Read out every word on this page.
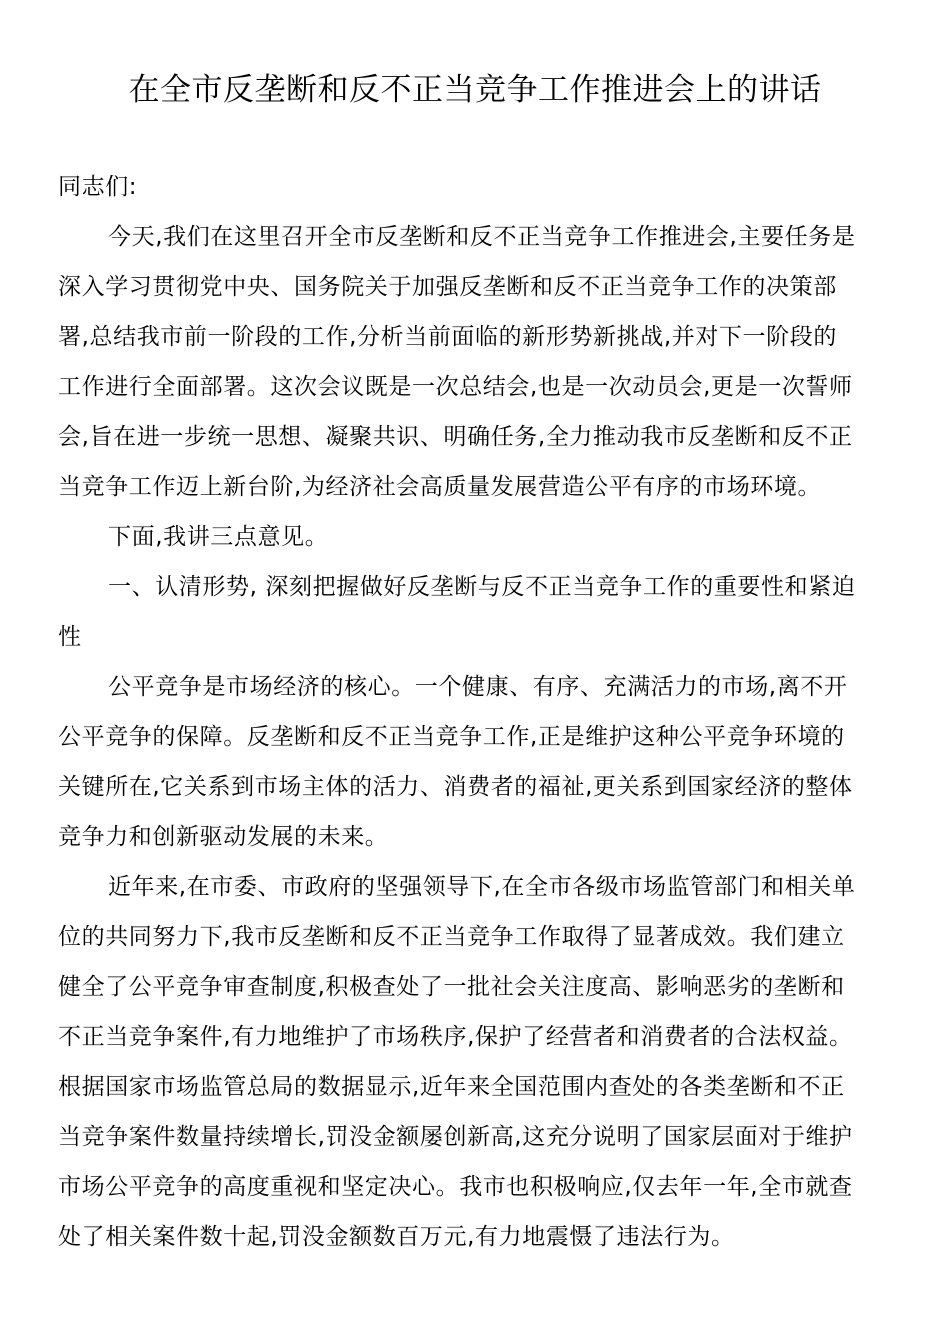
在全市反垄断和反不正当竞争工作推进会上的讲话
同志们:
今天,我们在这里召开全市反垄断和反不正当竞争工作推进会,主要任务是
深入学习贯彻党中央、国务院关于加强反垄断和反不正当竞争工作的决策部
署,总结我市前一阶段的工作,分析当前面临的新形势新挑战,并对下一阶段的
工作进行全面部署。这次会议既是一次总结会,也是一次动员会,更是一次誓师
会,旨在进一步统一思想、凝聚共识、明确任务,全力推动我市反垄断和反不正
当竞争工作迈上新台阶,为经济社会高质量发展营造公平有序的市场环境。
下面,我讲三点意见。
一、认清形势, 深刻把握做好反垄断与反不正当竞争工作的重要性和紧迫
性
公平竞争是市场经济的核心。一个健康、有序、充满活力的市场,离不开
公平竞争的保障。反垄断和反不正当竞争工作,正是维护这种公平竞争环境的
关键所在,它关系到市场主体的活力、消费者的福祉,更关系到国家经济的整体
竞争力和创新驱动发展的未来。
近年来,在市委、市政府的坚强领导下,在全市各级市场监管部门和相关单
位的共同努力下,我市反垄断和反不正当竞争工作取得了显著成效。我们建立
健全了公平竞争审查制度,积极查处了一批社会关注度高、影响恶劣的垄断和
不正当竞争案件,有力地维护了市场秩序,保护了经营者和消费者的合法权益。
根据国家市场监管总局的数据显示,近年来全国范围内查处的各类垄断和不正
当竞争案件数量持续增长,罚没金额屡创新高,这充分说明了国家层面对于维护
市场公平竞争的高度重视和坚定决心。我市也积极响应,仅去年一年,全市就查
处了相关案件数十起,罚没金额数百万元,有力地震慑了违法行为。
